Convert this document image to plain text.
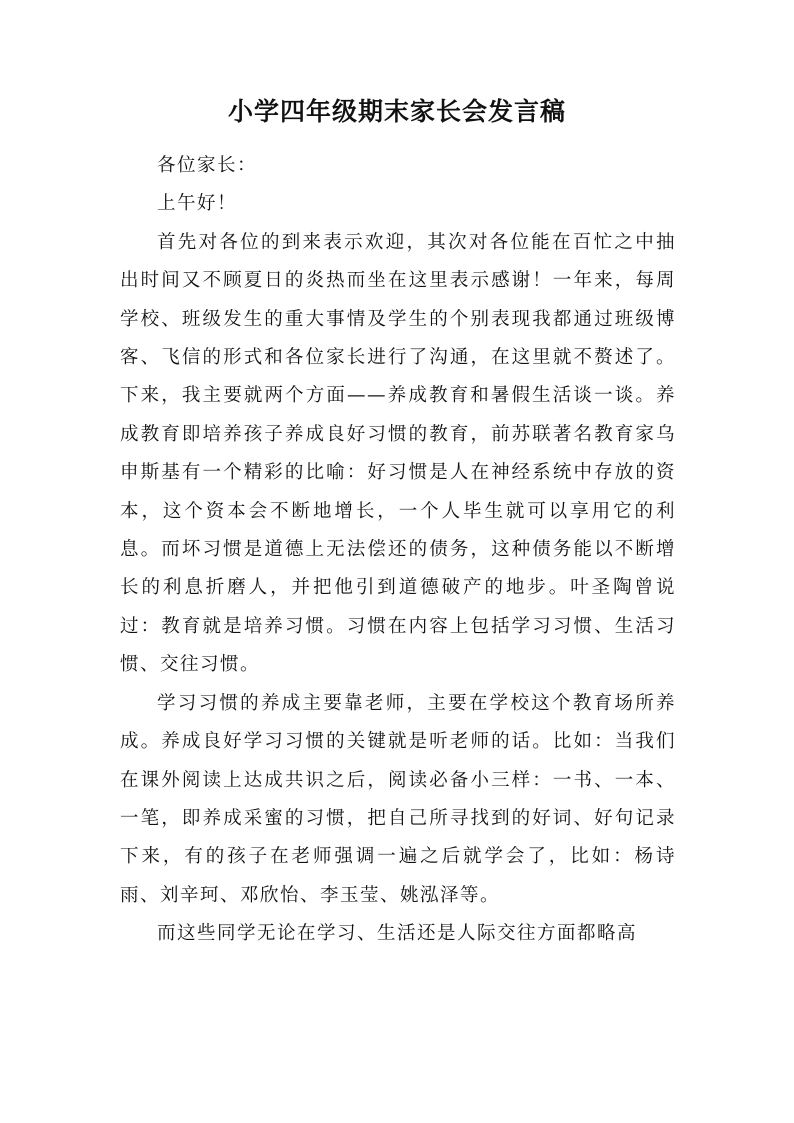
小学四年级期末家长会发言稿

各位家长：

上午好！

首先对各位的到来表示欢迎，其次对各位能在百忙之中抽出时间又不顾夏日的炎热而坐在这里表示感谢！一年来，每周学校、班级发生的重大事情及学生的个别表现我都通过班级博客、飞信的形式和各位家长进行了沟通，在这里就不赘述了。下来，我主要就两个方面——养成教育和暑假生活谈一谈。养成教育即培养孩子养成良好习惯的教育，前苏联著名教育家乌申斯基有一个精彩的比喻：好习惯是人在神经系统中存放的资本，这个资本会不断地增长，一个人毕生就可以享用它的利息。而坏习惯是道德上无法偿还的债务，这种债务能以不断增长的利息折磨人，并把他引到道德破产的地步。叶圣陶曾说过：教育就是培养习惯。习惯在内容上包括学习习惯、生活习惯、交往习惯。

学习习惯的养成主要靠老师，主要在学校这个教育场所养成。养成良好学习习惯的关键就是听老师的话。比如：当我们在课外阅读上达成共识之后，阅读必备小三样：一书、一本、一笔，即养成采蜜的习惯，把自己所寻找到的好词、好句记录下来，有的孩子在老师强调一遍之后就学会了，比如：杨诗雨、刘辛珂、邓欣怡、李玉莹、姚泓泽等。

而这些同学无论在学习、生活还是人际交往方面都略高
